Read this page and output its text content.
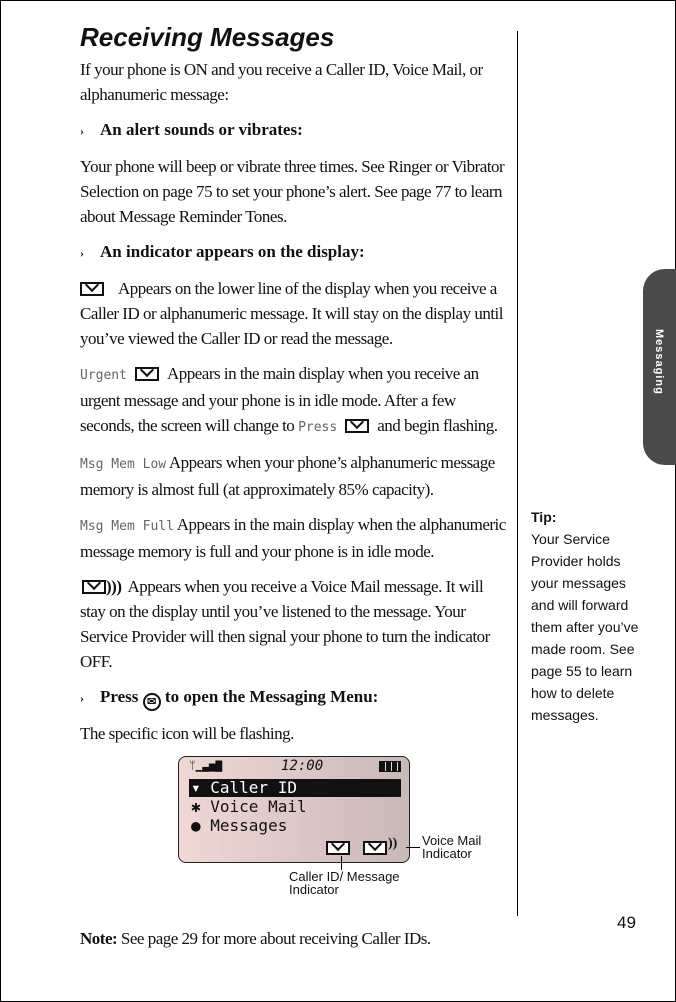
Receiving Messages
If your phone is ON and you receive a Caller ID, Voice Mail, or alphanumeric message:
› An alert sounds or vibrates:
Your phone will beep or vibrate three times. See Ringer or Vibrator Selection on page 75 to set your phone’s alert. See page 77 to learn about Message Reminder Tones.
› An indicator appears on the display:
Appears on the lower line of the display when you receive a Caller ID or alphanumeric message. It will stay on the display until you’ve viewed the Caller ID or read the message.
Urgent Appears in the main display when you receive an urgent message and your phone is in idle mode. After a few seconds, the screen will change to Press and begin flashing.
Msg Mem Low Appears when your phone’s alphanumeric message memory is almost full (at approximately 85% capacity).
Msg Mem Full Appears in the main display when the alphanumeric message memory is full and your phone is in idle mode.
))) Appears when you receive a Voice Mail message. It will stay on the display until you’ve listened to the message. Your Service Provider will then signal your phone to turn the indicator OFF.
› Press ✉ to open the Messaging Menu:
The specific icon will be flashing.
ᛘ▁▃▅▇	12:00
▾ Caller ID
✱ Voice Mail
● Messages
)) Voice Mail Indicator
Caller ID/ Message Indicator
Note: See page 29 for more about receiving Caller IDs.
Messaging
Tip:
Your Service Provider holds your messages and will forward them after you’ve made room. See page 55 to learn how to delete messages.
49
